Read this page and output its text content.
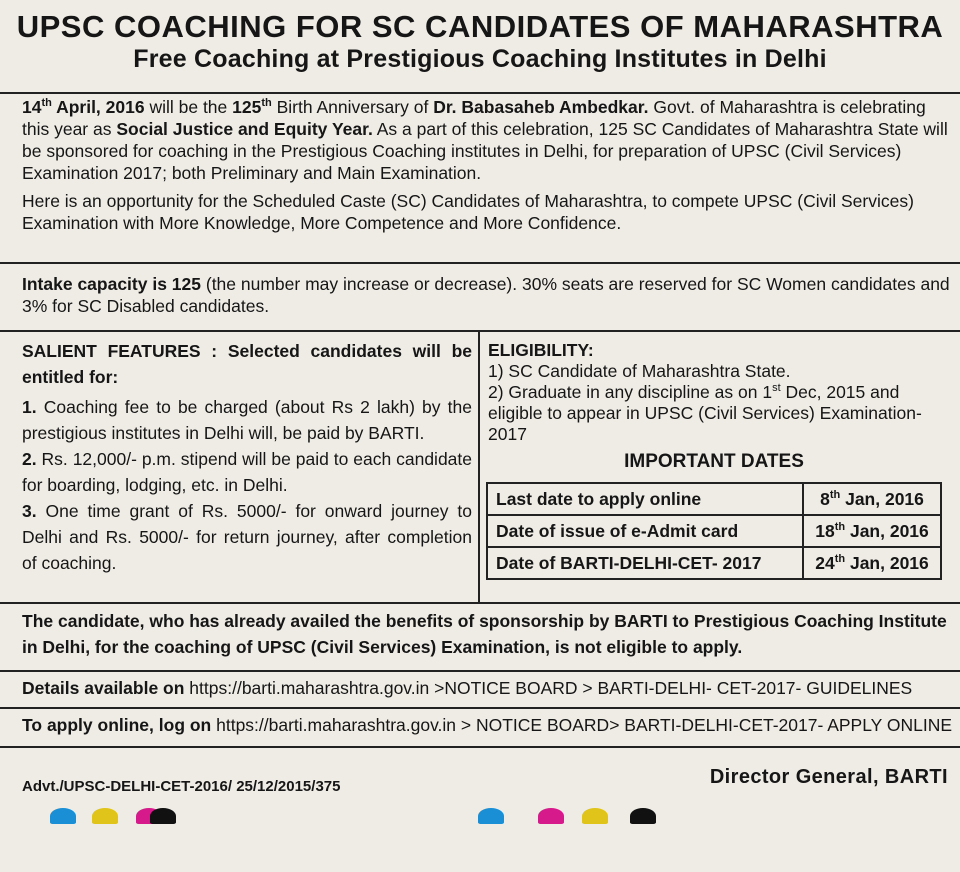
UPSC COACHING FOR SC CANDIDATES OF MAHARASHTRA
Free Coaching at Prestigious Coaching Institutes in Delhi

14th April, 2016 will be the 125th Birth Anniversary of Dr. Babasaheb Ambedkar. Govt. of Maharashtra is celebrating this year as Social Justice and Equity Year. As a part of this celebration, 125 SC Candidates of Maharashtra State will be sponsored for coaching in the Prestigious Coaching institutes in Delhi, for preparation of UPSC (Civil Services) Examination 2017; both Preliminary and Main Examination.

Here is an opportunity for the Scheduled Caste (SC) Candidates of Maharashtra, to compete UPSC (Civil Services) Examination with More Knowledge, More Competence and More Confidence.

Intake capacity is 125 (the number may increase or decrease). 30% seats are reserved for SC Women candidates and 3% for SC Disabled candidates.

SALIENT FEATURES : Selected candidates will be entitled for:

1. Coaching fee to be charged (about Rs 2 lakh) by the prestigious institutes in Delhi will, be paid by BARTI.

2. Rs. 12,000/- p.m. stipend will be paid to each candidate for boarding, lodging, etc. in Delhi.

3. One time grant of Rs. 5000/- for onward journey to Delhi and Rs. 5000/- for return journey, after completion of coaching.

ELIGIBILITY:

1) SC Candidate of Maharashtra State.

2) Graduate in any discipline as on 1st Dec, 2015 and eligible to appear in UPSC (Civil Services) Examination- 2017

IMPORTANT DATES
Last date to apply online	8th Jan, 2016
Date of issue of e-Admit card	18th Jan, 2016
Date of BARTI-DELHI-CET- 2017	24th Jan, 2016
The candidate, who has already availed the benefits of sponsorship by BARTI to Prestigious Coaching Institute in Delhi, for the coaching of UPSC (Civil Services) Examination, is not eligible to apply.
Details available on https://barti.maharashtra.gov.in >NOTICE BOARD > BARTI-DELHI- CET-2017- GUIDELINES
To apply online, log on https://barti.maharashtra.gov.in > NOTICE BOARD> BARTI-DELHI-CET-2017- APPLY ONLINE
Advt./UPSC-DELHI-CET-2016/ 25/12/2015/375	Director General, BARTI
